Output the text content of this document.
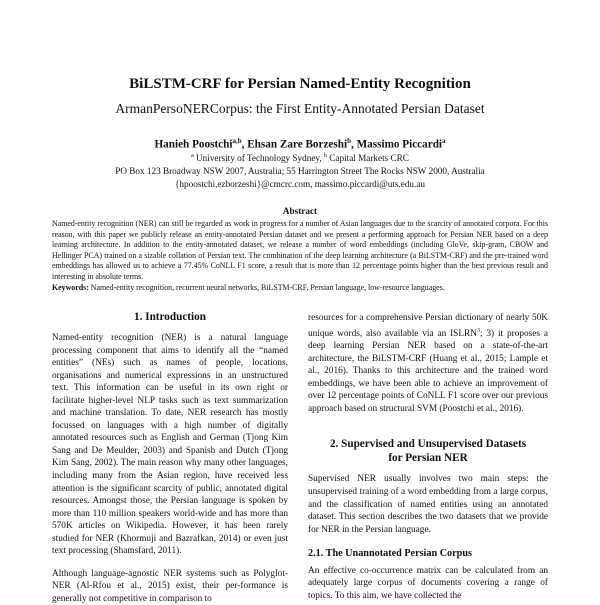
BiLSTM-CRF for Persian Named-Entity Recognition
ArmanPersoNERCorpus: the First Entity-Annotated Persian Dataset
Hanieh Poostchi$^{a,b}$, Ehsan Zare Borzeshi$^b$, Massimo Piccardi$^a$
$^a$ University of Technology Sydney, $^b$ Capital Markets CRC
PO Box 123 Broadway NSW 2007, Australia; 55 Harrington Street The Rocks NSW 2000, Australia
{hpoostchi,ezborzeshi}@cmcrc.com, massimo.piccardi@uts.edu.au
Abstract
Named-entity recognition (NER) can still be regarded as work in progress for a number of Asian languages due to the scarcity of annotated corpora. For this reason, with this paper we publicly release an entity-annotated Persian dataset and we present a performing approach for Persian NER based on a deep learning architecture. In addition to the entity-annotated dataset, we release a number of word embeddings (including GloVe, skip-gram, CBOW and Hellinger PCA) trained on a sizable collation of Persian text. The combination of the deep learning architecture (a BiLSTM-CRF) and the pre-trained word embeddings has allowed us to achieve a 77.45% CoNLL F1 score, a result that is more than 12 percentage points higher than the best previous result and interesting in absolute terms.
Keywords: Named-entity recognition, recurrent neural networks, BiLSTM-CRF, Persian language, low-resource languages.
1. Introduction

Named-entity recognition (NER) is a natural language processing component that aims to identify all the “named entities” (NEs) such as names of people, locations, organisations and numerical expressions in an unstructured text. This information can be useful in its own right or facilitate higher-level NLP tasks such as text summarization and machine translation. To date, NER research has mostly focussed on languages with a high number of digitally annotated resources such as English and German (Tjong Kim Sang and De Meulder, 2003) and Spanish and Dutch (Tjong Kim Sang, 2002). The main reason why many other languages, including many from the Asian region, have received less attention is the significant scarcity of public, annotated digital resources. Amongst those, the Persian language is spoken by more than 110 million speakers world-wide and has more than 570K articles on Wikipedia. However, it has been rarely studied for NER (Khormuji and Bazrafkan, 2014) or even just text processing (Shamsfard, 2011).

Although language-agnostic NER systems such as Polyglot-NER (Al-Rfou et al., 2015) exist, their per-formance is generally not competitive in comparison to

resources for a comprehensive Persian dictionary of nearly 50K unique words, also available via an ISLRN$^3$; 3) it proposes a deep learning Persian NER based on a state-of-the-art architecture, the BiLSTM-CRF (Huang et al., 2015; Lample et al., 2016). Thanks to this architecture and the trained word embeddings, we have been able to achieve an improvement of over 12 percentage points of CoNLL F1 score over our previous approach based on structural SVM (Poostchi et al., 2016).

2. Supervised and Unsupervised Datasets
for Persian NER

Supervised NER usually involves two main steps: the unsupervised training of a word embedding from a large corpus, and the classification of named entities using an annotated dataset. This section describes the two datasets that we provide for NER in the Persian language.

2.1. The Unannotated Persian Corpus

An effective co-occurrence matrix can be calculated from an adequately large corpus of documents covering a range of topics. To this aim, we have collected the
